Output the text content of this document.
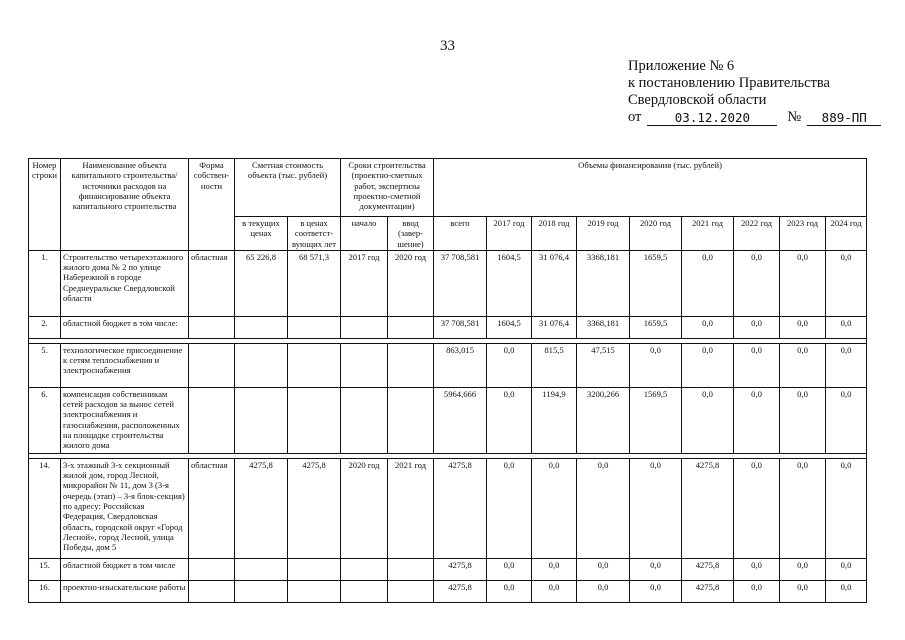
33
Приложение № 6
к постановлению Правительства
Свердловской области
от	03.12.2020	№	889-ПП
Номер строки	Наименование объекта капитального строительства/ источники расходов на финансирование объекта капитального строительства	Форма собствен-ности	Сметная стоимость объекта (тыс. рублей)		Сроки строительства (проектно-сметных работ, экспертизы проектно-сметной документации)		Объемы финансирования (тыс. рублей)								
			в текущих ценах	в ценах соответст-вующих лет	начало	ввод (завер-шение)	всего	2017 год	2018 год	2019 год	2020 год	2021 год	2022 год	2023 год	2024 год
1.	Строительство четырехэтажного жилого дома № 2 по улице Набережной в городе Среднеуральске Свердловской области	областная	65 226,8	68 571,3	2017 год	2020 год	37 708,581	1604,5	31 076,4	3368,181	1659,5	0,0	0,0	0,0	0,0
2.	областной бюджет в том числе:						37 708,581	1604,5	31 076,4	3368,181	1659,5	0,0	0,0	0,0	0,0

5.	технологическое присоединение к сетям теплоснабжения и электроснабжения						863,015	0,0	815,5	47,515	0,0	0,0	0,0	0,0	0,0
6.	компенсация собственникам сетей расходов за вынос сетей электроснабжения и газоснабжения, расположенных на площадке строительства жилого дома						5964,666	0,0	1194,9	3200,266	1569,5	0,0	0,0	0,0	0,0

14.	3-х этажный 3-х секционный жилой дом, город Лесной, микрорайон № 11, дом 3 (3-я очередь (этап) – 3-я блок-секция) по адресу: Российская Федерация, Свердловская область, городской округ «Город Лесной», город Лесной, улица Победы, дом 5	областная	4275,8	4275,8	2020 год	2021 год	4275,8	0,0	0,0	0,0	0,0	4275,8	0,0	0,0	0,0
15.	областной бюджет в том числе						4275,8	0,0	0,0	0,0	0,0	4275,8	0,0	0,0	0,0
16.	проектно-изыскательские работы						4275,8	0,0	0,0	0,0	0,0	4275,8	0,0	0,0	0,0
